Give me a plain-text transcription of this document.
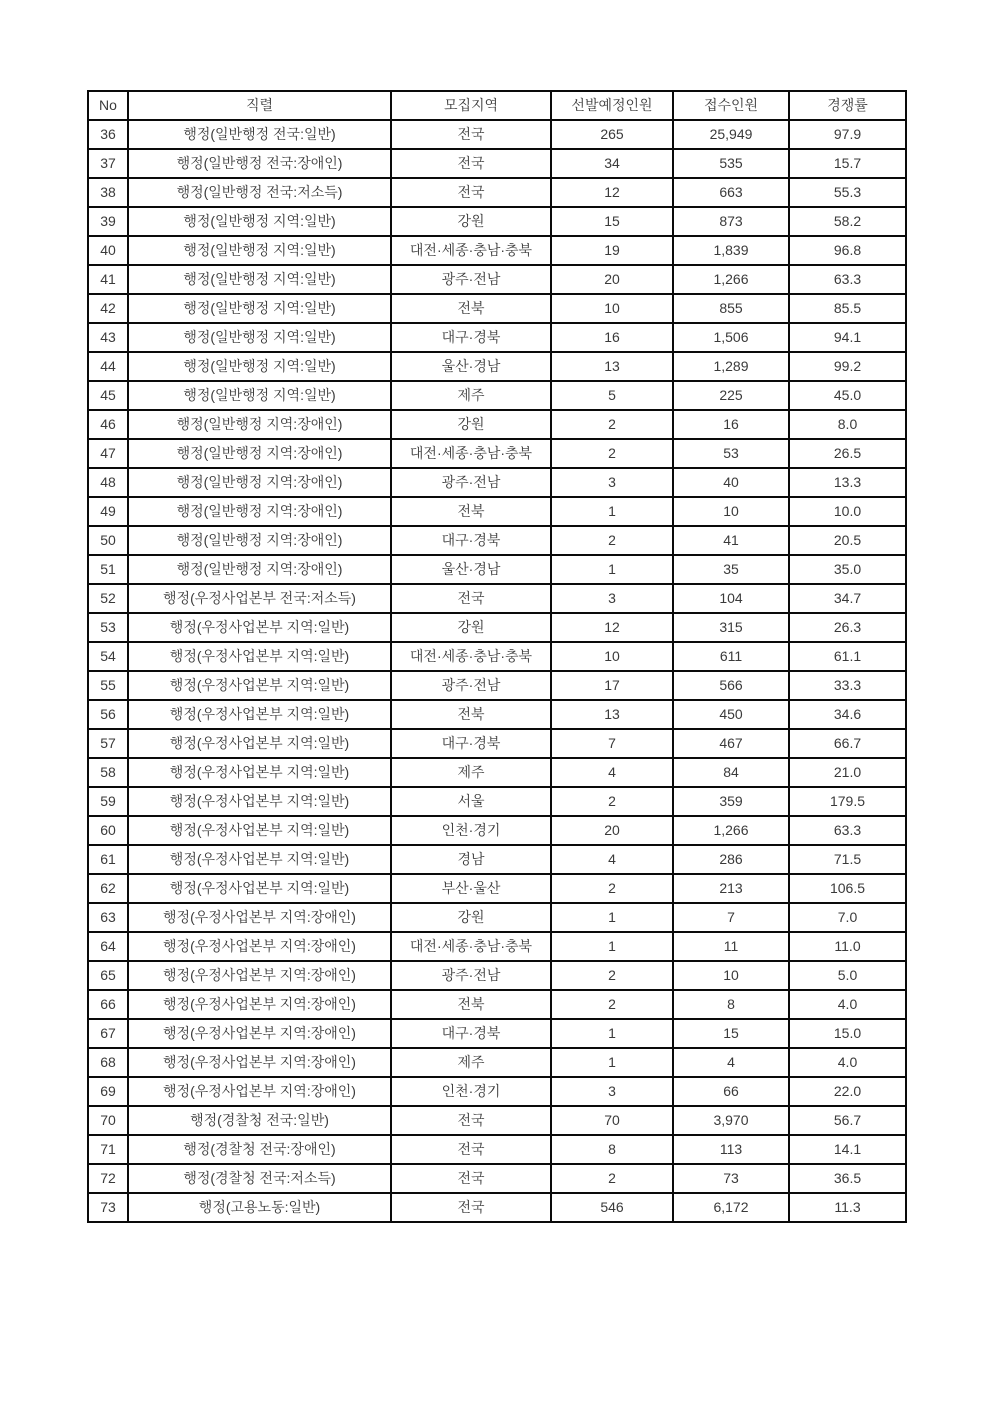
No	직렬	모집지역	선발예정인원	접수인원	경쟁률
36	행정(일반행정 전국:일반)	전국	265	25,949	97.9
37	행정(일반행정 전국:장애인)	전국	34	535	15.7
38	행정(일반행정 전국:저소득)	전국	12	663	55.3
39	행정(일반행정 지역:일반)	강원	15	873	58.2
40	행정(일반행정 지역:일반)	대전·세종·충남·충북	19	1,839	96.8
41	행정(일반행정 지역:일반)	광주·전남	20	1,266	63.3
42	행정(일반행정 지역:일반)	전북	10	855	85.5
43	행정(일반행정 지역:일반)	대구·경북	16	1,506	94.1
44	행정(일반행정 지역:일반)	울산·경남	13	1,289	99.2
45	행정(일반행정 지역:일반)	제주	5	225	45.0
46	행정(일반행정 지역:장애인)	강원	2	16	8.0
47	행정(일반행정 지역:장애인)	대전·세종·충남·충북	2	53	26.5
48	행정(일반행정 지역:장애인)	광주·전남	3	40	13.3
49	행정(일반행정 지역:장애인)	전북	1	10	10.0
50	행정(일반행정 지역:장애인)	대구·경북	2	41	20.5
51	행정(일반행정 지역:장애인)	울산·경남	1	35	35.0
52	행정(우정사업본부 전국:저소득)	전국	3	104	34.7
53	행정(우정사업본부 지역:일반)	강원	12	315	26.3
54	행정(우정사업본부 지역:일반)	대전·세종·충남·충북	10	611	61.1
55	행정(우정사업본부 지역:일반)	광주·전남	17	566	33.3
56	행정(우정사업본부 지역:일반)	전북	13	450	34.6
57	행정(우정사업본부 지역:일반)	대구·경북	7	467	66.7
58	행정(우정사업본부 지역:일반)	제주	4	84	21.0
59	행정(우정사업본부 지역:일반)	서울	2	359	179.5
60	행정(우정사업본부 지역:일반)	인천·경기	20	1,266	63.3
61	행정(우정사업본부 지역:일반)	경남	4	286	71.5
62	행정(우정사업본부 지역:일반)	부산·울산	2	213	106.5
63	행정(우정사업본부 지역:장애인)	강원	1	7	7.0
64	행정(우정사업본부 지역:장애인)	대전·세종·충남·충북	1	11	11.0
65	행정(우정사업본부 지역:장애인)	광주·전남	2	10	5.0
66	행정(우정사업본부 지역:장애인)	전북	2	8	4.0
67	행정(우정사업본부 지역:장애인)	대구·경북	1	15	15.0
68	행정(우정사업본부 지역:장애인)	제주	1	4	4.0
69	행정(우정사업본부 지역:장애인)	인천·경기	3	66	22.0
70	행정(경찰청 전국:일반)	전국	70	3,970	56.7
71	행정(경찰청 전국:장애인)	전국	8	113	14.1
72	행정(경찰청 전국:저소득)	전국	2	73	36.5
73	행정(고용노동:일반)	전국	546	6,172	11.3
